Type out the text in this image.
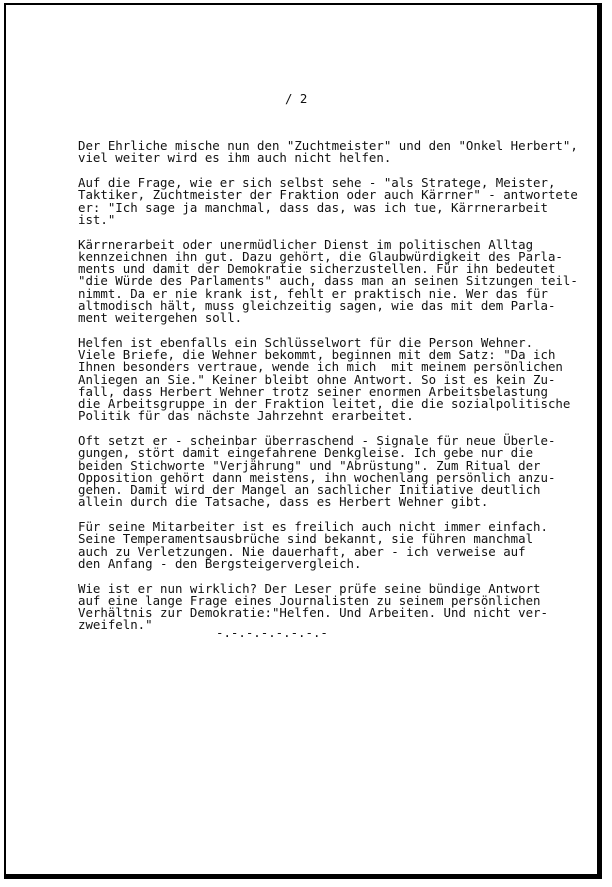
/ 2

Der Ehrliche mische nun den "Zuchtmeister" und den "Onkel Herbert",
viel weiter wird es ihm auch nicht helfen.

Auf die Frage, wie er sich selbst sehe - "als Stratege, Meister,
Taktiker, Zuchtmeister der Fraktion oder auch Kärrner" - antwortete
er: "Ich sage ja manchmal, dass das, was ich tue, Kärrnerarbeit
ist."

Kärrnerarbeit oder unermüdlicher Dienst im politischen Alltag
kennzeichnen ihn gut. Dazu gehört, die Glaubwürdigkeit des Parla-
ments und damit der Demokratie sicherzustellen. Für ihn bedeutet
"die Würde des Parlaments" auch, dass man an seinen Sitzungen teil-
nimmt. Da er nie krank ist, fehlt er praktisch nie. Wer das für
altmodisch hält, muss gleichzeitig sagen, wie das mit dem Parla-
ment weitergehen soll.

Helfen ist ebenfalls ein Schlüsselwort für die Person Wehner.
Viele Briefe, die Wehner bekommt, beginnen mit dem Satz: "Da ich
Ihnen besonders vertraue, wende ich mich  mit meinem persönlichen
Anliegen an Sie." Keiner bleibt ohne Antwort. So ist es kein Zu-
fall, dass Herbert Wehner trotz seiner enormen Arbeitsbelastung
die Arbeitsgruppe in der Fraktion leitet, die die sozialpolitische
Politik für das nächste Jahrzehnt erarbeitet.

Oft setzt er - scheinbar überraschend - Signale für neue Überle-
gungen, stört damit eingefahrene Denkgleise. Ich gebe nur die
beiden Stichworte "Verjährung" und "Abrüstung". Zum Ritual der
Opposition gehört dann meistens, ihn wochenlang persönlich anzu-
gehen. Damit wird der Mangel an sachlicher Initiative deutlich
allein durch die Tatsache, dass es Herbert Wehner gibt.

Für seine Mitarbeiter ist es freilich auch nicht immer einfach.
Seine Temperamentsausbrüche sind bekannt, sie führen manchmal
auch zu Verletzungen. Nie dauerhaft, aber - ich verweise auf
den Anfang - den Bergsteigervergleich.

Wie ist er nun wirklich? Der Leser prüfe seine bündige Antwort
auf eine lange Frage eines Journalisten zu seinem persönlichen
Verhältnis zur Demokratie:"Helfen. Und Arbeiten. Und nicht ver-
zweifeln."

-.-.-.-.-.-.-.-
